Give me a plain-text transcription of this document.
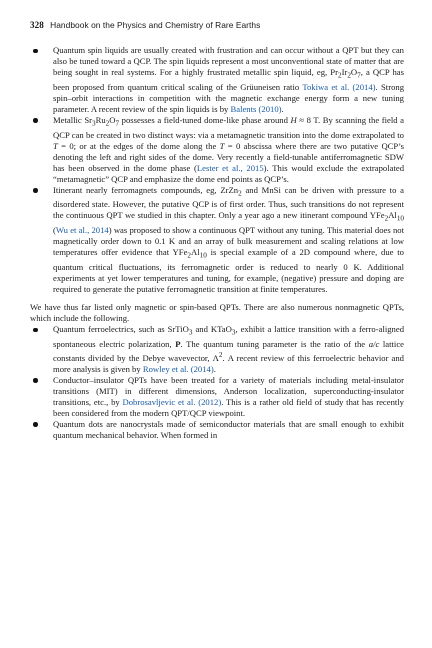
328 Handbook on the Physics and Chemistry of Rare Earths
Quantum spin liquids are usually created with frustration and can occur without a QPT but they can also be tuned toward a QCP. The spin liquids represent a most unconventional state of matter that are being sought in real systems. For a highly frustrated metallic spin liquid, eg, $Pr_2Ir_2O_7$, a QCP has been proposed from quantum critical scaling of the Grüuneisen ratio Tokiwa et al. (2014). Strong spin–orbit interactions in competition with the magnetic exchange energy form a new tuning parameter. A recent review of the spin liquids is by Balents (2010).
Metallic $Sr_3Ru_2O_7$ possesses a field-tuned dome-like phase around H ≈ 8 T. By scanning the field a QCP can be created in two distinct ways: via a metamagnetic transition into the dome extrapolated to T = 0; or at the edges of the dome along the T = 0 abscissa where there are two putative QCP’s denoting the left and right sides of the dome. Very recently a field-tunable antiferromagnetic SDW has been observed in the dome phase (Lester et al., 2015). This would exclude the extrapolated “metamagnetic” QCP and emphasize the dome end points as QCP’s.
Itinerant nearly ferromagnets compounds, eg, ZrZn$_2$ and MnSi can be driven with pressure to a disordered state. However, the putative QCP is of first order. Thus, such transitions do not represent the continuous QPT we studied in this chapter. Only a year ago a new itinerant compound $YFe_2Al_{10}$ (Wu et al., 2014) was proposed to show a continuous QPT without any tuning. This material does not magnetically order down to 0.1 K and an array of bulk measurement and scaling relations at low temperatures offer evidence that $YFe_2Al_{10}$ is special example of a 2D compound where, due to quantum critical fluctuations, its ferromagnetic order is reduced to nearly 0 K. Additional experiments at yet lower temperatures and tuning, for example, (negative) pressure and doping are required to generate the putative ferromagnetic transition at finite temperatures.

We have thus far listed only magnetic or spin-based QPTs. There are also numerous nonmagnetic QPTs, which include the following.

Quantum ferroelectrics, such as SrTiO$_3$ and KTaO$_3$, exhibit a lattice transition with a ferro-aligned spontaneous electric polarization, P. The quantum tuning parameter is the ratio of the a/c lattice constants divided by the Debye wavevector, $\Lambda^2$. A recent review of this ferroelectric behavior and more analysis is given by Rowley et al. (2014).
Conductor–insulator QPTs have been treated for a variety of materials including metal-insulator transitions (MIT) in different dimensions, Anderson localization, superconducting-insulator transitions, etc., by Dobrosavljevic et al. (2012). This is a rather old field of study that has recently been considered from the modern QPT/QCP viewpoint.
Quantum dots are nanocrystals made of semiconductor materials that are small enough to exhibit quantum mechanical behavior. When formed in
